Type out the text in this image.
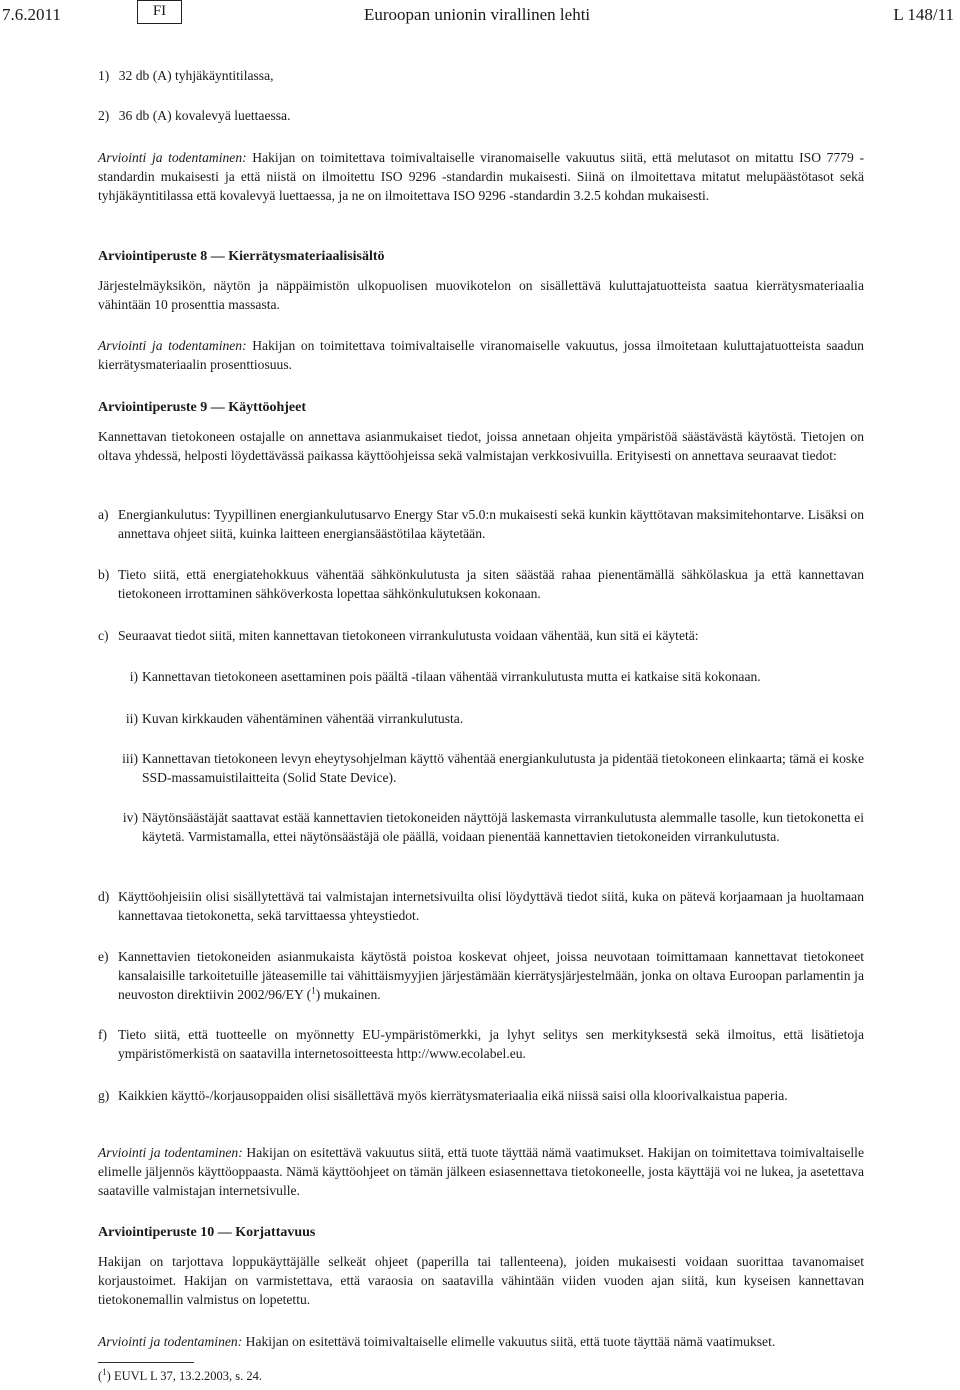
7.6.2011	FI	Euroopan unionin virallinen lehti	L 148/11
1) 32 db (A) tyhjäkäyntitilassa,
2) 36 db (A) kovalevyä luettaessa.

Arviointi ja todentaminen: Hakijan on toimitettava toimivaltaiselle viranomaiselle vakuutus siitä, että melutasot on mitattu ISO 7779 -standardin mukaisesti ja että niistä on ilmoitettu ISO 9296 -standardin mukaisesti. Siinä on ilmoitettava mitatut melupäästötasot sekä tyhjäkäyntitilassa että kovalevyä luettaessa, ja ne on ilmoitettava ISO 9296 -standardin 3.2.5 kohdan mukaisesti.

Arviointiperuste 8 — Kierrätysmateriaalisisältö

Järjestelmäyksikön, näytön ja näppäimistön ulkopuolisen muovikotelon on sisällettävä kuluttajatuotteista saatua kierrätysmateriaalia vähintään 10 prosenttia massasta.

Arviointi ja todentaminen: Hakijan on toimitettava toimivaltaiselle viranomaiselle vakuutus, jossa ilmoitetaan kuluttajatuotteista saadun kierrätysmateriaalin prosenttiosuus.

Arviointiperuste 9 — Käyttöohjeet

Kannettavan tietokoneen ostajalle on annettava asianmukaiset tiedot, joissa annetaan ohjeita ympäristöä säästävästä käytöstä. Tietojen on oltava yhdessä, helposti löydettävässä paikassa käyttöohjeissa sekä valmistajan verkkosivuilla. Erityisesti on annettava seuraavat tiedot:

a) Energiankulutus: Tyypillinen energiankulutusarvo Energy Star v5.0:n mukaisesti sekä kunkin käyttötavan maksimitehontarve. Lisäksi on annettava ohjeet siitä, kuinka laitteen energiansäästötilaa käytetään.
b) Tieto siitä, että energiatehokkuus vähentää sähkönkulutusta ja siten säästää rahaa pienentämällä sähkölaskua ja että kannettavan tietokoneen irrottaminen sähköverkosta lopettaa sähkönkulutuksen kokonaan.
c) Seuraavat tiedot siitä, miten kannettavan tietokoneen virrankulutusta voidaan vähentää, kun sitä ei käytetä:
i) Kannettavan tietokoneen asettaminen pois päältä -tilaan vähentää virrankulutusta mutta ei katkaise sitä kokonaan.
ii) Kuvan kirkkauden vähentäminen vähentää virrankulutusta.
iii) Kannettavan tietokoneen levyn eheytysohjelman käyttö vähentää energiankulutusta ja pidentää tietokoneen elinkaarta; tämä ei koske SSD-massamuistilaitteita (Solid State Device).
iv) Näytönsäästäjät saattavat estää kannettavien tietokoneiden näyttöjä laskemasta virrankulutusta alemmalle tasolle, kun tietokonetta ei käytetä. Varmistamalla, ettei näytönsäästäjä ole päällä, voidaan pienentää kannettavien tietokoneiden virrankulutusta.
d) Käyttöohjeisiin olisi sisällytettävä tai valmistajan internetsivuilta olisi löydyttävä tiedot siitä, kuka on pätevä korjaamaan ja huoltamaan kannettavaa tietokonetta, sekä tarvittaessa yhteystiedot.
e) Kannettavien tietokoneiden asianmukaista käytöstä poistoa koskevat ohjeet, joissa neuvotaan toimittamaan kannettavat tietokoneet kansalaisille tarkoitetuille jäteasemille tai vähittäismyyjien järjestämään kierrätysjärjestelmään, jonka on oltava Euroopan parlamentin ja neuvoston direktiivin 2002/96/EY ($^1$) mukainen.
f) Tieto siitä, että tuotteelle on myönnetty EU-ympäristömerkki, ja lyhyt selitys sen merkityksestä sekä ilmoitus, että lisätietoja ympäristömerkistä on saatavilla internetosoitteesta http://www.ecolabel.eu.
g) Kaikkien käyttö-/korjausoppaiden olisi sisällettävä myös kierrätysmateriaalia eikä niissä saisi olla kloorivalkaistua paperia.

Arviointi ja todentaminen: Hakijan on esitettävä vakuutus siitä, että tuote täyttää nämä vaatimukset. Hakijan on toimitettava toimivaltaiselle elimelle jäljennös käyttöoppaasta. Nämä käyttöohjeet on tämän jälkeen esiasennettava tietokoneelle, josta käyttäjä voi ne lukea, ja asetettava saataville valmistajan internetsivulle.

Arviointiperuste 10 — Korjattavuus

Hakijan on tarjottava loppukäyttäjälle selkeät ohjeet (paperilla tai tallenteena), joiden mukaisesti voidaan suorittaa tavanomaiset korjaustoimet. Hakijan on varmistettava, että varaosia on saatavilla vähintään viiden vuoden ajan siitä, kun kyseisen kannettavan tietokonemallin valmistus on lopetettu.

Arviointi ja todentaminen: Hakijan on esitettävä toimivaltaiselle elimelle vakuutus siitä, että tuote täyttää nämä vaatimukset.

($^1$) EUVL L 37, 13.2.2003, s. 24.
